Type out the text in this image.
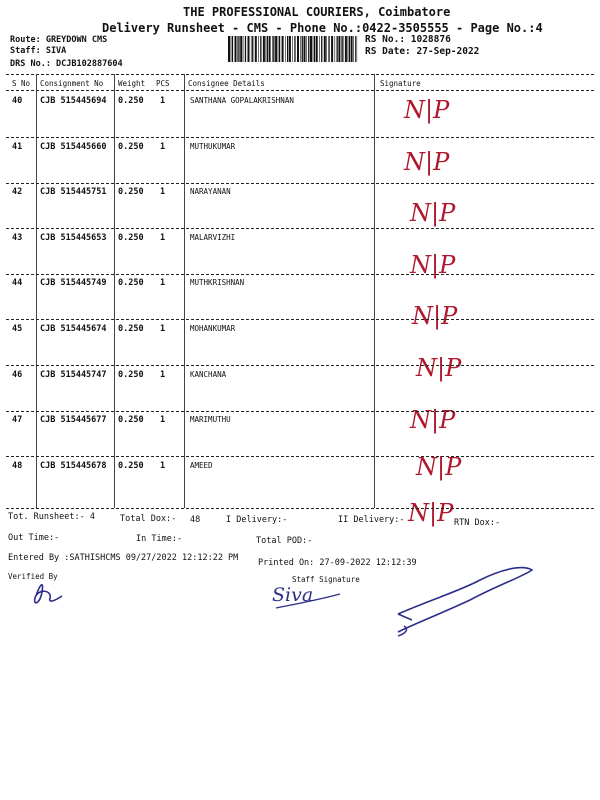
THE PROFESSIONAL COURIERS, Coimbatore
Delivery Runsheet - CMS - Phone No.:0422-3505555 - Page No.:4
Route: GREYDOWN CMS
Staff: SIVA
DRS No.: DCJB102887604
RS No.: 1028876
RS Date: 27-Sep-2022
S No Consignment No Weight PCS Consignee Details	Signature
40 CJB 515445694 0.250 1	SANTHANA GOPALAKRISHNAN	N|P
41 CJB 515445660 0.250 1	MUTHUKUMAR
N|P
42 CJB 515445751 0.250 1	NARAYANAN
N|P
43 CJB 515445653 0.250 1	MALARVIZHI
N|P
44 CJB 515445749 0.250 1	MUTHKRISHNAN
N|P
45 CJB 515445674 0.250 1	MOHANKUMAR
N|P
46 CJB 515445747 0.250 1	KANCHANA
N|P
47 CJB 515445677 0.250 1	MARIMUTHU
N|P
48 CJB 515445678 0.250 1	AMEED
N|P
Tot. Runsheet:- 4	Total Dox:- 48	I Delivery:-	II Delivery:-	RTN Dox:-
Out Time:-	In Time:-	Total POD:-
Entered By :SATHISHCMS 09/27/2022 12:12:22 PM Printed On: 27-09-2022 12:12:39
Verified By	Staff Signature
Siva
